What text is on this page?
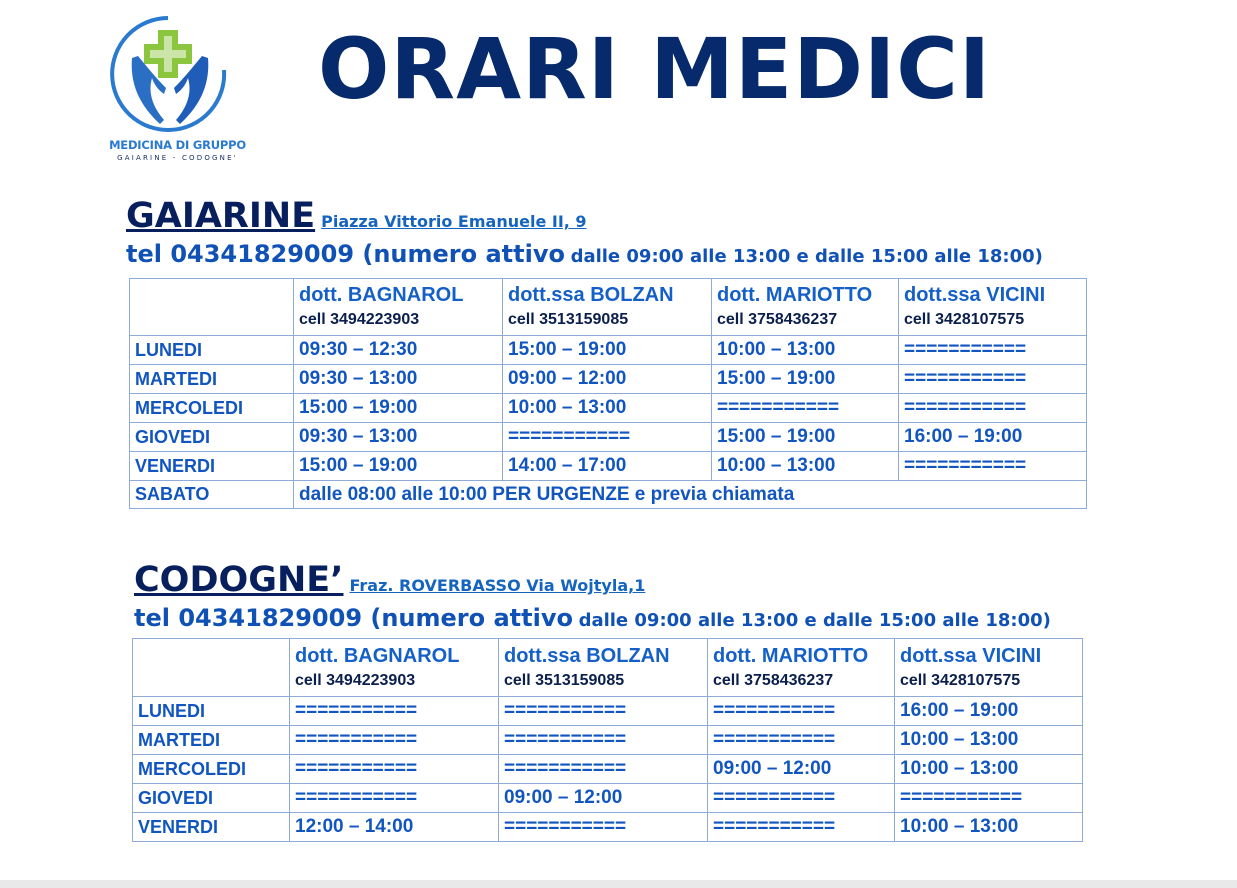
MEDICINA DI GRUPPO
GAIARINE - CODOGNE'
ORARI MEDICI
GAIARINE Piazza Vittorio Emanuele II, 9
tel 04341829009 (numero attivo dalle 09:00 alle 13:00 e dalle 15:00 alle 18:00)

	dott. BAGNAROL
cell 3494223903	dott.ssa BOLZAN
cell 3513159085	dott. MARIOTTO
cell 3758436237	dott.ssa VICINI
cell 3428107575

LUNEDI	09:30 – 12:30	15:00 – 19:00	10:00 – 13:00	===========
MARTEDI	09:30 – 13:00	09:00 – 12:00	15:00 – 19:00	===========
MERCOLEDI	15:00 – 19:00	10:00 – 13:00	===========	===========
GIOVEDI	09:30 – 13:00	===========	15:00 – 19:00	16:00 – 19:00
VENERDI	15:00 – 19:00	14:00 – 17:00	10:00 – 13:00	===========
SABATO	dalle 08:00 alle 10:00 PER URGENZE e previa chiamata			
CODOGNE’ Fraz. ROVERBASSO Via Wojtyla,1
tel 04341829009 (numero attivo dalle 09:00 alle 13:00 e dalle 15:00 alle 18:00)

	dott. BAGNAROL
cell 3494223903	dott.ssa BOLZAN
cell 3513159085	dott. MARIOTTO
cell 3758436237	dott.ssa VICINI
cell 3428107575

LUNEDI	===========	===========	===========	16:00 – 19:00
MARTEDI	===========	===========	===========	10:00 – 13:00
MERCOLEDI	===========	===========	09:00 – 12:00	10:00 – 13:00
GIOVEDI	===========	09:00 – 12:00	===========	===========
VENERDI	12:00 – 14:00	===========	===========	10:00 – 13:00
